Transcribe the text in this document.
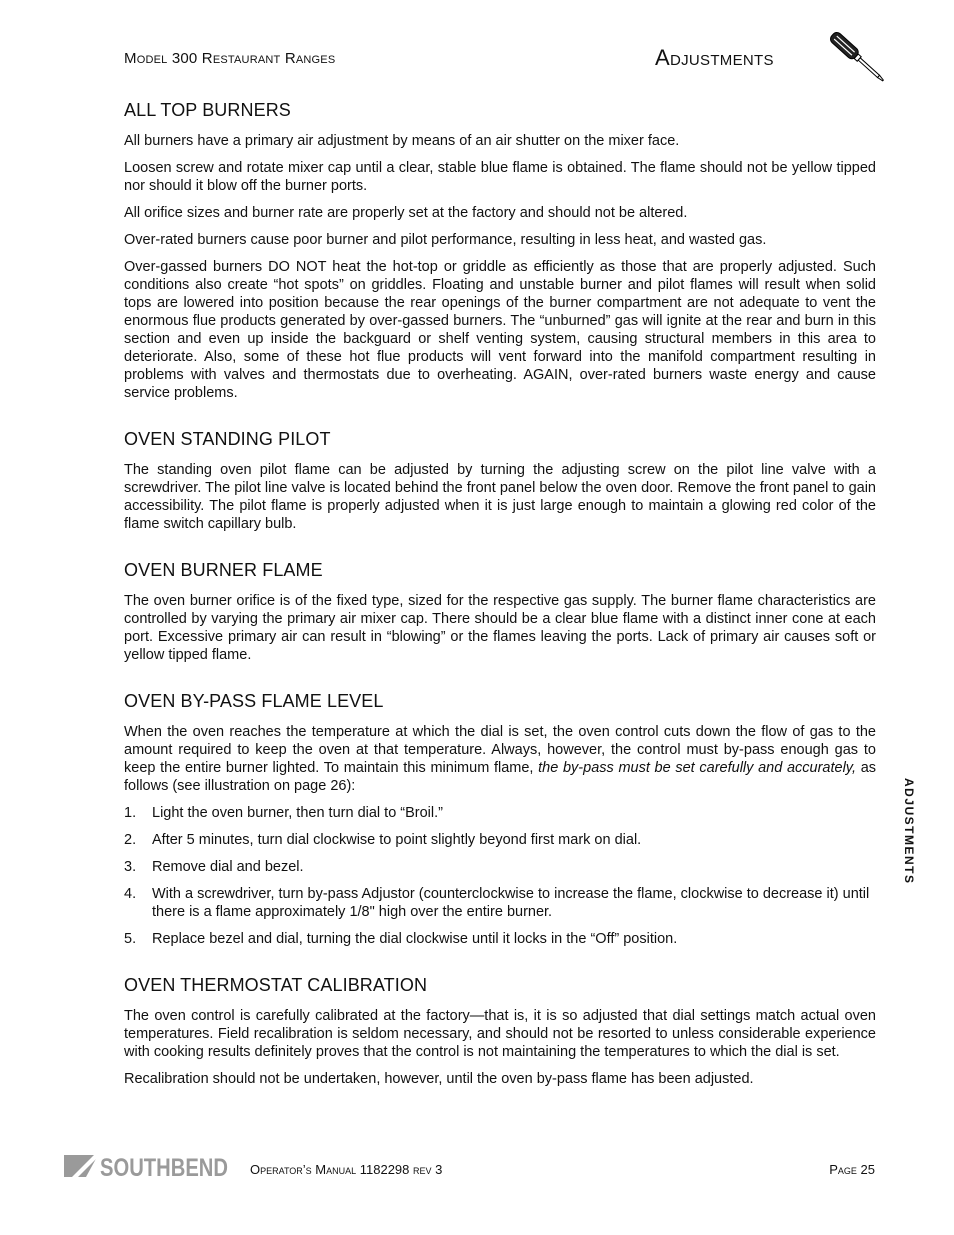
Model 300 Restaurant Ranges	Adjustments
ALL TOP BURNERS

All burners have a primary air adjustment by means of an air shutter on the mixer face.

Loosen screw and rotate mixer cap until a clear, stable blue flame is obtained. The flame should not be yellow tipped nor should it blow off the burner ports.

All orifice sizes and burner rate are properly set at the factory and should not be altered.

Over-rated burners cause poor burner and pilot performance, resulting in less heat, and wasted gas.

Over-gassed burners DO NOT heat the hot-top or griddle as efficiently as those that are properly adjusted. Such conditions also create “hot spots” on griddles. Floating and unstable burner and pilot flames will result when solid tops are lowered into position because the rear openings of the burner compartment are not adequate to vent the enormous flue products generated by over-gassed burners. The “unburned” gas will ignite at the rear and burn in this section and even up inside the backguard or shelf venting system, causing structural members in this area to deteriorate. Also, some of these hot flue products will vent forward into the manifold compartment resulting in problems with valves and thermostats due to overheating. AGAIN, over-rated burners waste energy and cause service problems.

OVEN STANDING PILOT

The standing oven pilot flame can be adjusted by turning the adjusting screw on the pilot line valve with a screwdriver. The pilot line valve is located behind the front panel below the oven door. Remove the front panel to gain accessibility. The pilot flame is properly adjusted when it is just large enough to maintain a glowing red color of the flame switch capillary bulb.

OVEN BURNER FLAME

The oven burner orifice is of the fixed type, sized for the respective gas supply. The burner flame characteristics are controlled by varying the primary air mixer cap. There should be a clear blue flame with a distinct inner cone at each port. Excessive primary air can result in “blowing” or the flames leaving the ports. Lack of primary air causes soft or yellow tipped flame.

OVEN BY-PASS FLAME LEVEL

When the oven reaches the temperature at which the dial is set, the oven control cuts down the flow of gas to the amount required to keep the oven at that temperature. Always, however, the control must by-pass enough gas to keep the entire burner lighted. To maintain this minimum flame, the by-pass must be set carefully and accurately, as follows (see illustration on page 26):

1. Light the oven burner, then turn dial to “Broil.”
2. After 5 minutes, turn dial clockwise to point slightly beyond first mark on dial.
3. Remove dial and bezel.
4. With a screwdriver, turn by-pass Adjustor (counterclockwise to increase the flame, clockwise to decrease it) until there is a flame approximately 1/8" high over the entire burner.
5. Replace bezel and dial, turning the dial clockwise until it locks in the “Off” position.
OVEN THERMOSTAT CALIBRATION

The oven control is carefully calibrated at the factory—that is, it is so adjusted that dial settings match actual oven temperatures. Field recalibration is seldom necessary, and should not be resorted to unless considerable experience with cooking results definitely proves that the control is not maintaining the temperatures to which the dial is set.

Recalibration should not be undertaken, however, until the oven by-pass flame has been adjusted.

ADJUSTMENTS
SOUTHBEND Operator’s Manual 1182298 rev 3	Page 25
